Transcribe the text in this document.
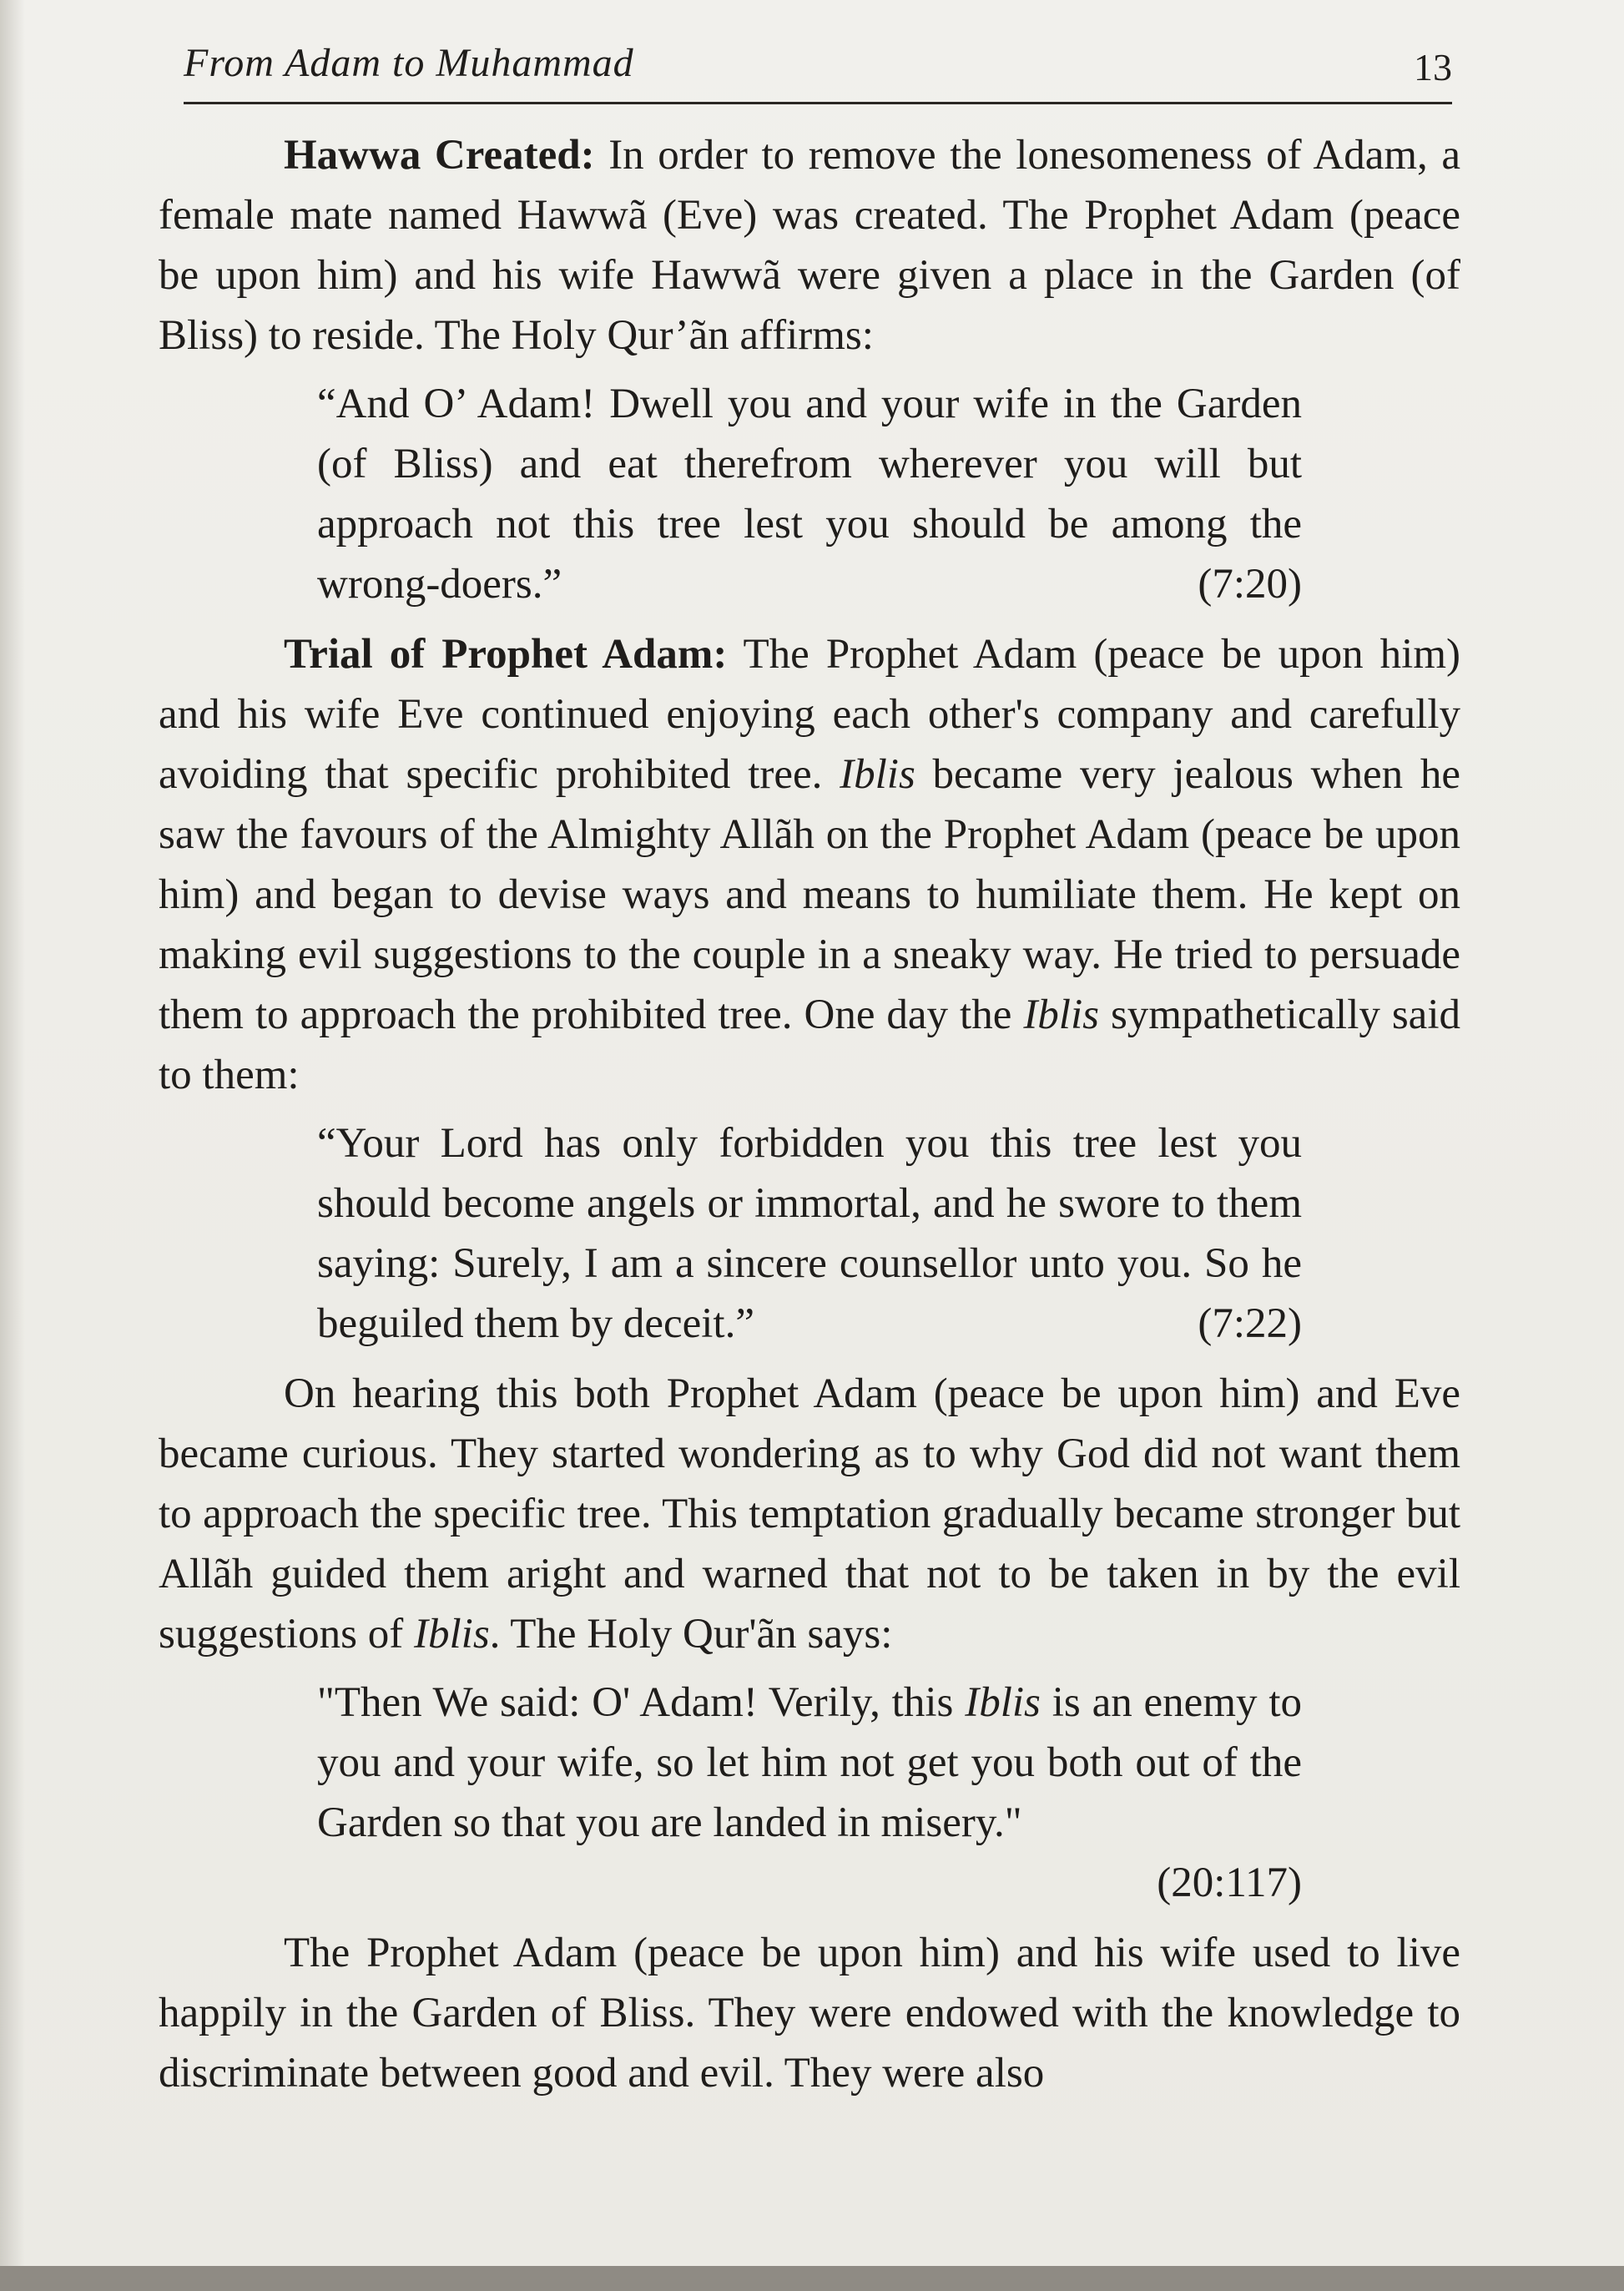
From Adam to Muhammad	13

Hawwa Created: In order to remove the lonesomeness of Adam, a female mate named Hawwã (Eve) was created. The Prophet Adam (peace be upon him) and his wife Hawwã were given a place in the Garden (of Bliss) to reside. The Holy Qur’ãn affirms:

“And O’ Adam! Dwell you and your wife in the Garden (of Bliss) and eat therefrom wherever you will but approach not this tree lest you should be among the wrong-doers.”	(7:20)

Trial of Prophet Adam: The Prophet Adam (peace be upon him) and his wife Eve continued enjoying each other's company and carefully avoiding that specific prohibited tree. Iblis became very jealous when he saw the favours of the Almighty Allãh on the Prophet Adam (peace be upon him) and began to devise ways and means to humiliate them. He kept on making evil suggestions to the couple in a sneaky way. He tried to persuade them to approach the prohibited tree. One day the Iblis sympathetically said to them:

“Your Lord has only forbidden you this tree lest you should become angels or immortal, and he swore to them saying: Surely, I am a sincere counsellor unto you. So he beguiled them by deceit.”	(7:22)

On hearing this both Prophet Adam (peace be upon him) and Eve became curious. They started wondering as to why God did not want them to approach the specific tree. This temptation gradually became stronger but Allãh guided them aright and warned that not to be taken in by the evil suggestions of Iblis. The Holy Qur'ãn says:

"Then We said: O' Adam! Verily, this Iblis is an enemy to you and your wife, so let him not get you both out of the Garden so that you are landed in misery."
(20:117)

The Prophet Adam (peace be upon him) and his wife used to live happily in the Garden of Bliss. They were endowed with the knowledge to discriminate between good and evil. They were also
